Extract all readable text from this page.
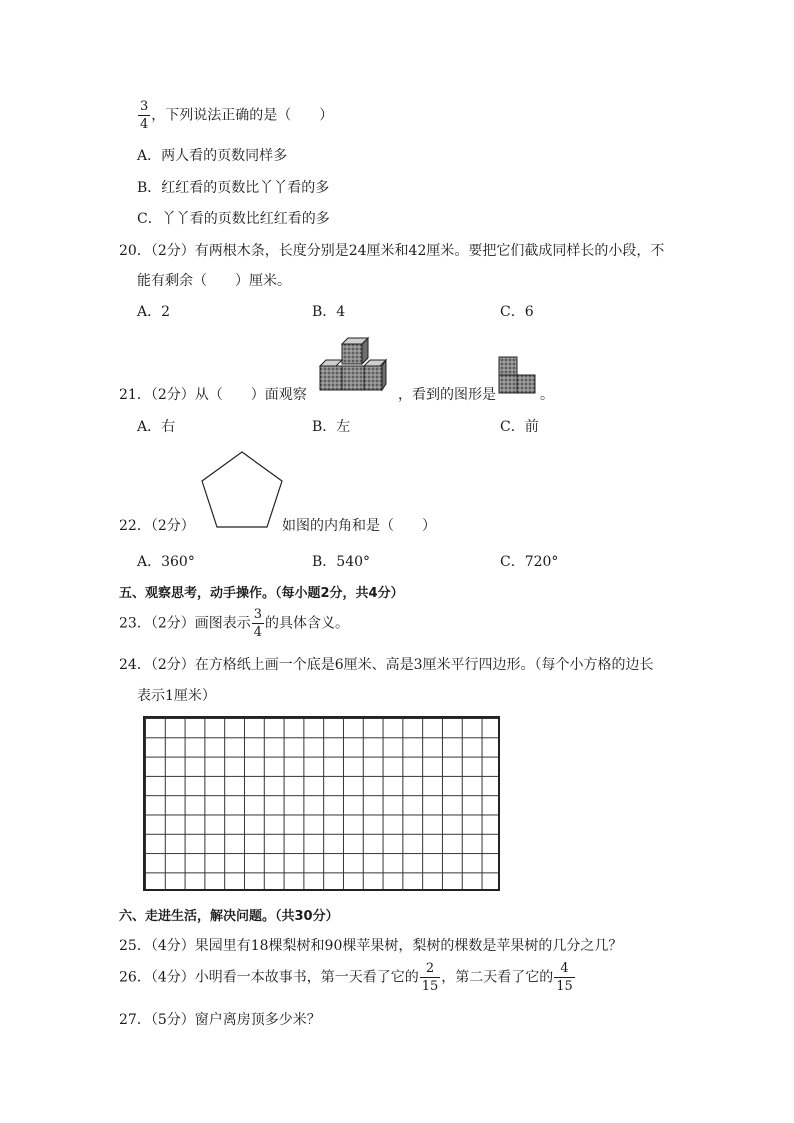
$\frac{3}{4}$ ，下列说法正确的是（　　）
A．两人看的页数同样多
B．红红看的页数比丫丫看的多
C．丫丫看的页数比红红看的多
20．（2分）有两根木条，长度分别是24厘米和42厘米。要把它们截成同样长的小段，不
能有剩余（　　）厘米。
A．2	B．4	C．6
21．（2分）从（　　）面观察	，看到的图形是	。
A．右	B．左	C．前
22．（2分）	如图的内角和是（　　）
A．360°	B．540°	C．720°
五、观察思考，动手操作。（每小题2分，共4分）
23．（2分）画图表示 $\frac{3}{4}$ 的具体含义。
24．（2分）在方格纸上画一个底是6厘米、高是3厘米平行四边形。（每个小方格的边长
表示1厘米）
六、走进生活，解决问题。（共30分）
25．（4分）果园里有18棵梨树和90棵苹果树，梨树的棵数是苹果树的几分之几？
26．（4分）小明看一本故事书，第一天看了它的 $\frac{2}{15}$ ，第二天看了它的 $\frac{4}{15}$
27．（5分）窗户离房顶多少米？
